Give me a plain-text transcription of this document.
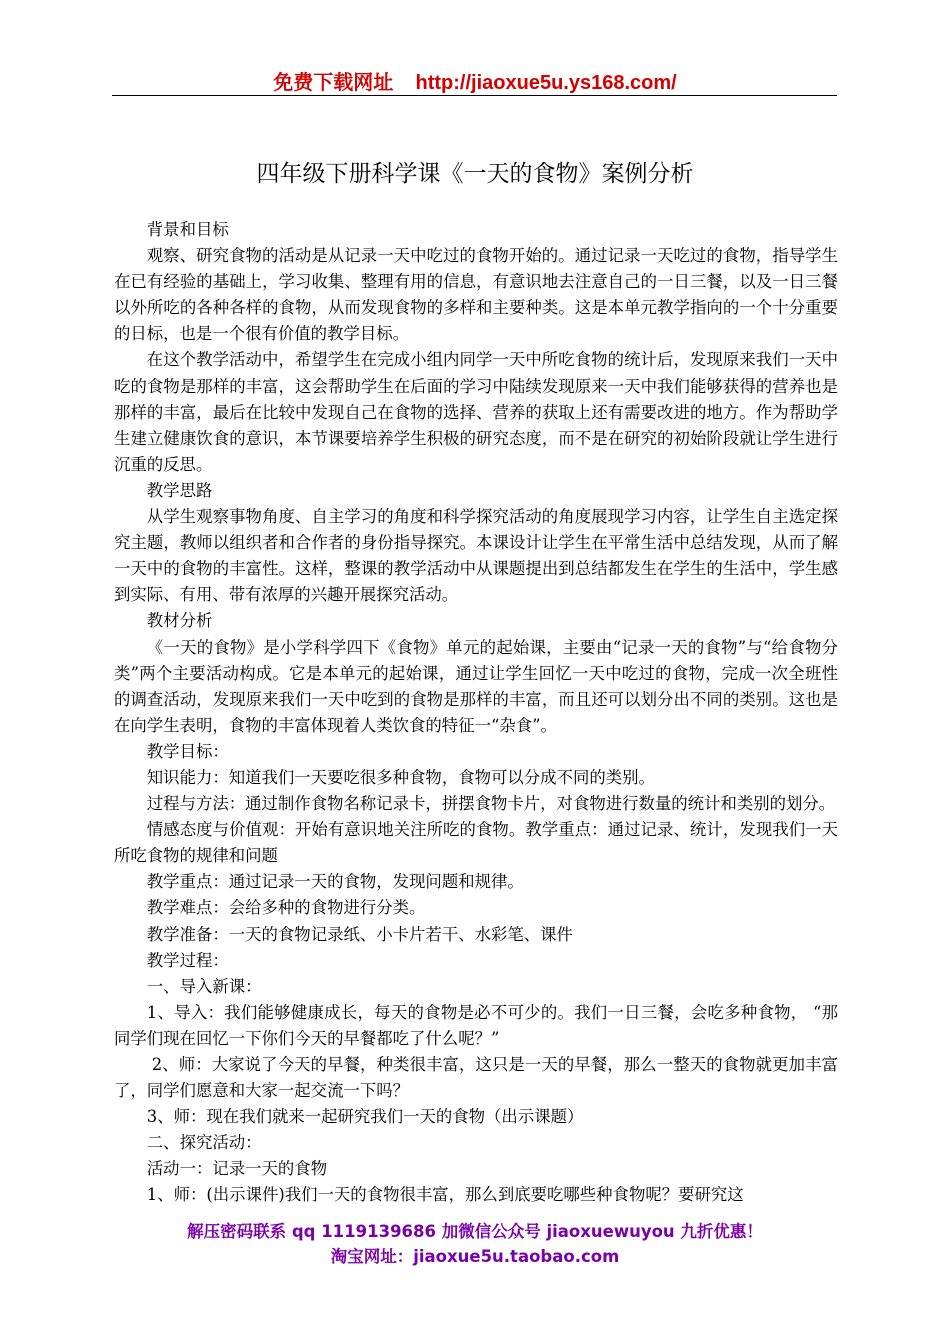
免费下载网址 http://jiaoxue5u.ys168.com/
四年级下册科学课《一天的食物》案例分析

背景和目标

观察、研究食物的活动是从记录一天中吃过的食物开始的。通过记录一天吃过的食物，指导学生在已有经验的基础上，学习收集、整理有用的信息，有意识地去注意自己的一日三餐，以及一日三餐以外所吃的各种各样的食物，从而发现食物的多样和主要种类。这是本单元教学指向的一个十分重要的日标，也是一个很有价值的教学目标。

在这个教学活动中，希望学生在完成小组内同学一天中所吃食物的统计后，发现原来我们一天中吃的食物是那样的丰富，这会帮助学生在后面的学习中陆续发现原来一天中我们能够获得的营养也是那样的丰富，最后在比较中发现自己在食物的选择、营养的获取上还有需要改进的地方。作为帮助学生建立健康饮食的意识，本节课要培养学生积极的研究态度，而不是在研究的初始阶段就让学生进行沉重的反思。

教学思路

从学生观察事物角度、自主学习的角度和科学探究活动的角度展现学习内容，让学生自主选定探究主题，教师以组织者和合作者的身份指导探究。本课设计让学生在平常生活中总结发现，从而了解一天中的食物的丰富性。这样，整课的教学活动中从课题提出到总结都发生在学生的生活中，学生感到实际、有用、带有浓厚的兴趣开展探究活动。

教材分析

《一天的食物》是小学科学四下《食物》单元的起始课，主要由“记录一天的食物”与“给食物分类”两个主要活动构成。它是本单元的起始课，通过让学生回忆一天中吃过的食物，完成一次全班性的调查活动，发现原来我们一天中吃到的食物是那样的丰富，而且还可以划分出不同的类别。这也是在向学生表明，食物的丰富体现着人类饮食的特征一“杂食”。

教学目标：

知识能力：知道我们一天要吃很多种食物，食物可以分成不同的类别。

过程与方法：通过制作食物名称记录卡，拼摆食物卡片，对食物进行数量的统计和类别的划分。

情感态度与价值观：开始有意识地关注所吃的食物。教学重点：通过记录、统计，发现我们一天所吃食物的规律和问题

教学重点：通过记录一天的食物，发现问题和规律。

教学难点：会给多种的食物进行分类。

教学准备：一天的食物记录纸、小卡片若干、水彩笔、课件

教学过程：

一、导入新课：

1、导入：我们能够健康成长，每天的食物是必不可少的。我们一日三餐，会吃多种食物， “那同学们现在回忆一下你们今天的早餐都吃了什么呢？”

2、师：大家说了今天的早餐，种类很丰富，这只是一天的早餐，那么一整天的食物就更加丰富了，同学们愿意和大家一起交流一下吗？

3、师：现在我们就来一起研究我们一天的食物（出示课题）

二、探究活动：

活动一：记录一天的食物

1、师：(出示课件)我们一天的食物很丰富，那么到底要吃哪些种食物呢？要研究这

解压密码联系 qq 1119139686 加微信公众号 jiaoxuewuyou 九折优惠！
淘宝网址：jiaoxue5u.taobao.com
